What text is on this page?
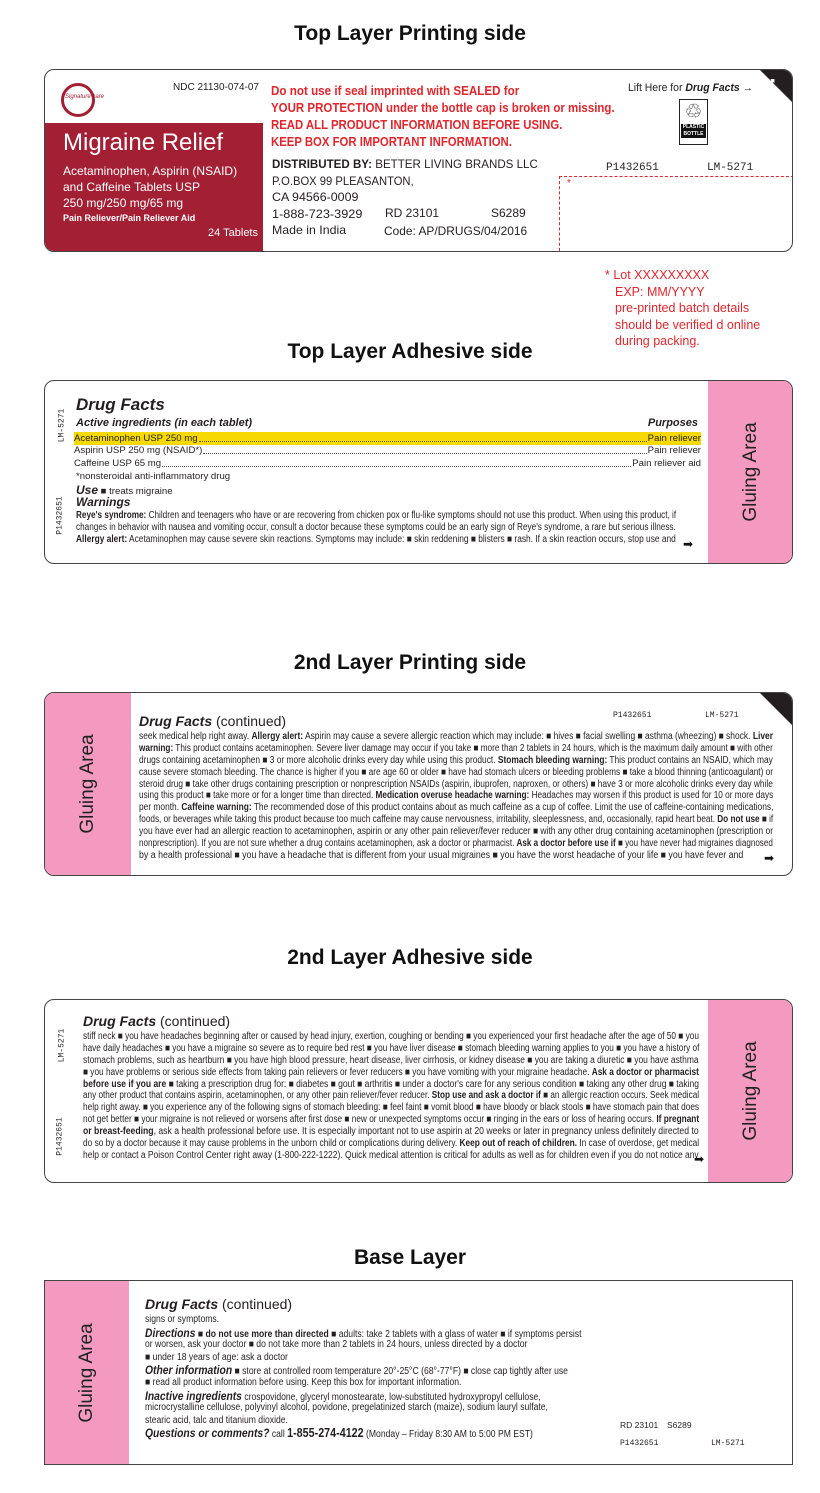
Top Layer Printing side
⬈
Signature care
NDC 21130-074-07 Do not use if seal imprinted with SEALED for
YOUR PROTECTION under the bottle cap is broken or missing.
READ ALL PRODUCT INFORMATION BEFORE USING.
KEEP BOX FOR IMPORTANT INFORMATION.
Lift Here for Drug Facts →
♲
PLASTIC
BOTTLE
Migraine Relief
Acetaminophen, Aspirin (NSAID)
and Caffeine Tablets USP
250 mg/250 mg/65 mg
Pain Reliever/Pain Reliever Aid
24 Tablets
DISTRIBUTED BY: BETTER LIVING BRANDS LLC
P.O.BOX 99 PLEASANTON,
CA 94566-0009
1-888-723-3929
Made in India
RD 23101	S6289
Code: AP/DRUGS/04/2016
P1432651	LM-5271
*
* Lot XXXXXXXXX
EXP: MM/YYYY
pre-printed batch details
should be verified d online
during packing.
Top Layer Adhesive side
Gluing Area
LM-5271
P1432651
Drug Facts
Active ingredients (in each tablet)	Purposes
Acetaminophen USP 250 mg	Pain reliever
Aspirin USP 250 mg (NSAID*)	Pain reliever
Caffeine USP 65 mg	Pain reliever aid
*nonsteroidal anti-inflammatory drug
Use ■ treats migraine
Warnings
Reye's syndrome: Children and teenagers who have or are recovering from chicken pox or flu-like symptoms should not use this product. When using this product, if
changes in behavior with nausea and vomiting occur, consult a doctor because these symptoms could be an early sign of Reye's syndrome, a rare but serious illness.
Allergy alert: Acetaminophen may cause severe skin reactions. Symptoms may include: ■ skin reddening ■ blisters ■ rash. If a skin reaction occurs, stop use and ➡
2nd Layer Printing side
Gluing Area
P1432651	LM-5271
Drug Facts (continued)
seek medical help right away. Allergy alert: Aspirin may cause a severe allergic reaction which may include: ■ hives ■ facial swelling ■ asthma (wheezing) ■ shock. Liver
warning: This product contains acetaminophen. Severe liver damage may occur if you take ■ more than 2 tablets in 24 hours, which is the maximum daily amount ■ with other
drugs containing acetaminophen ■ 3 or more alcoholic drinks every day while using this product. Stomach bleeding warning: This product contains an NSAID, which may
cause severe stomach bleeding. The chance is higher if you ■ are age 60 or older ■ have had stomach ulcers or bleeding problems ■ take a blood thinning (anticoagulant) or
steroid drug ■ take other drugs containing prescription or nonprescription NSAIDs (aspirin, ibuprofen, naproxen, or others) ■ have 3 or more alcoholic drinks every day while
using this product ■ take more or for a longer time than directed. Medication overuse headache warning: Headaches may worsen if this product is used for 10 or more days
per month. Caffeine warning: The recommended dose of this product contains about as much caffeine as a cup of coffee. Limit the use of caffeine-containing medications,
foods, or beverages while taking this product because too much caffeine may cause nervousness, irritability, sleeplessness, and, occasionally, rapid heart beat. Do not use ■ if
you have ever had an allergic reaction to acetaminophen, aspirin or any other pain reliever/fever reducer ■ with any other drug containing acetaminophen (prescription or
nonprescription). If you are not sure whether a drug contains acetaminophen, ask a doctor or pharmacist. Ask a doctor before use if ■ you have never had migraines diagnosed
by a health professional ■ you have a headache that is different from your usual migraines ■ you have the worst headache of your life ■ you have fever and	➡
2nd Layer Adhesive side
Gluing Area
LM-5271
P1432651
Drug Facts (continued)
stiff neck ■ you have headaches beginning after or caused by head injury, exertion, coughing or bending ■ you experienced your first headache after the age of 50 ■ you
have daily headaches ■ you have a migraine so severe as to require bed rest ■ you have liver disease ■ stomach bleeding warning applies to you ■ you have a history of
stomach problems, such as heartburn ■ you have high blood pressure, heart disease, liver cirrhosis, or kidney disease ■ you are taking a diuretic ■ you have asthma
■ you have problems or serious side effects from taking pain relievers or fever reducers ■ you have vomiting with your migraine headache. Ask a doctor or pharmacist
before use if you are ■ taking a prescription drug for: ■ diabetes ■ gout ■ arthritis ■ under a doctor's care for any serious condition ■ taking any other drug ■ taking
any other product that contains aspirin, acetaminophen, or any other pain reliever/fever reducer. Stop use and ask a doctor if ■ an allergic reaction occurs. Seek medical
help right away. ■ you experience any of the following signs of stomach bleeding: ■ feel faint ■ vomit blood ■ have bloody or black stools ■ have stomach pain that does
not get better ■ your migraine is not relieved or worsens after first dose ■ new or unexpected symptoms occur ■ ringing in the ears or loss of hearing occurs. If pregnant
or breast-feeding, ask a health professional before use. It is especially important not to use aspirin at 20 weeks or later in pregnancy unless definitely directed to
do so by a doctor because it may cause problems in the unborn child or complications during delivery. Keep out of reach of children. In case of overdose, get medical
help or contact a Poison Control Center right away (1-800-222-1222). Quick medical attention is critical for adults as well as for children even if you do not notice any
➡
Base Layer
Gluing Area
Drug Facts (continued)
signs or symptoms.
Directions ■ do not use more than directed ■ adults: take 2 tablets with a glass of water ■ if symptoms persist
or worsen, ask your doctor ■ do not take more than 2 tablets in 24 hours, unless directed by a doctor
■ under 18 years of age: ask a doctor
Other information ■ store at controlled room temperature 20°-25°C (68°-77°F) ■ close cap tightly after use
■ read all product information before using. Keep this box for important information.
Inactive ingredients crospovidone, glyceryl monostearate, low-substituted hydroxypropyl cellulose,
microcrystalline cellulose, polyvinyl alcohol, povidone, pregelatinized starch (maize), sodium lauryl sulfate,
stearic acid, talc and titanium dioxide.
Questions or comments? call 1-855-274-4122 (Monday – Friday 8:30 AM to 5:00 PM EST)
RD 23101 S6289
P1432651	LM-5271
